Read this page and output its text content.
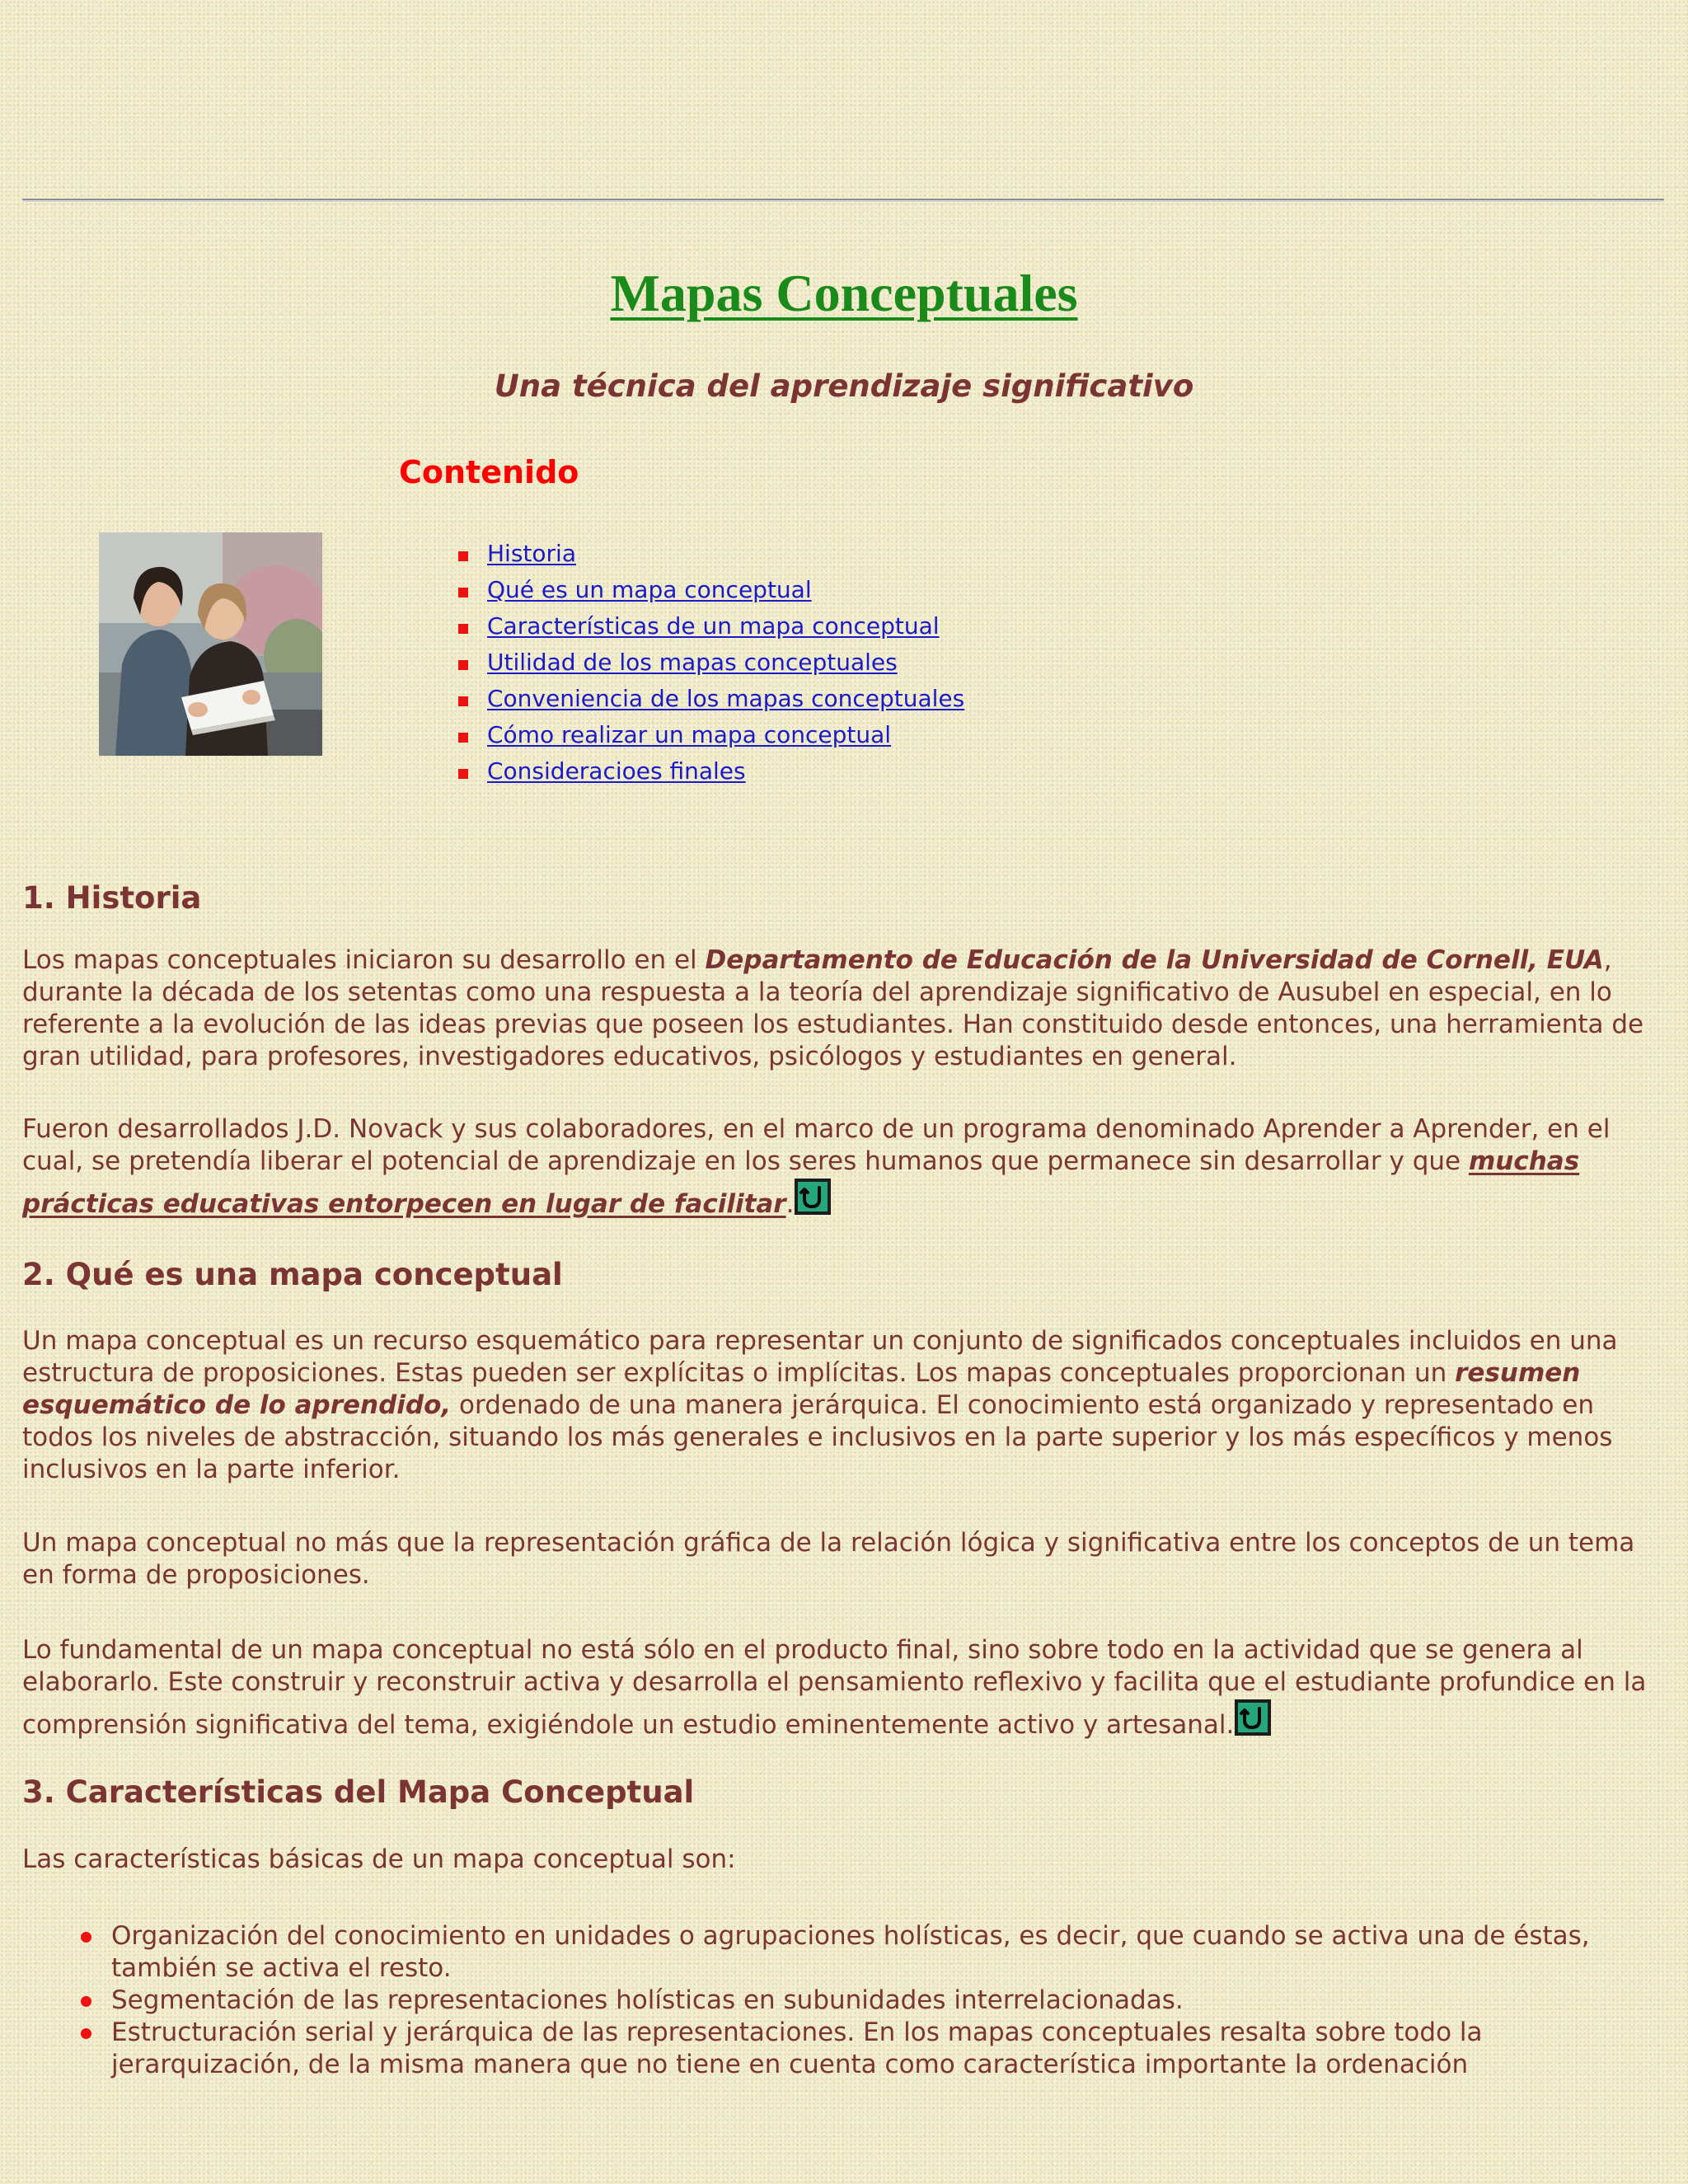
Mapas Conceptuales
Una técnica del aprendizaje significativo
Contenido
Historia
Qué es un mapa conceptual
Características de un mapa conceptual
Utilidad de los mapas conceptuales
Conveniencia de los mapas conceptuales
Cómo realizar un mapa conceptual
Consideracioes finales
1. Historia
Los mapas conceptuales iniciaron su desarrollo en el Departamento de Educación de la Universidad de Cornell, EUA, durante la década de los setentas como una respuesta a la teoría del aprendizaje significativo de Ausubel en especial, en lo referente a la evolución de las ideas previas que poseen los estudiantes. Han constituido desde entonces, una herramienta de gran utilidad, para profesores, investigadores educativos, psicólogos y estudiantes en general.
Fueron desarrollados J.D. Novack y sus colaboradores, en el marco de un programa denominado Aprender a Aprender, en el cual, se pretendía liberar el potencial de aprendizaje en los seres humanos que permanece sin desarrollar y que muchas prácticas educativas entorpecen en lugar de facilitar.
2. Qué es una mapa conceptual
Un mapa conceptual es un recurso esquemático para representar un conjunto de significados conceptuales incluidos en una estructura de proposiciones. Estas pueden ser explícitas o implícitas. Los mapas conceptuales proporcionan un resumen esquemático de lo aprendido, ordenado de una manera jerárquica. El conocimiento está organizado y representado en todos los niveles de abstracción, situando los más generales e inclusivos en la parte superior y los más específicos y menos inclusivos en la parte inferior.
Un mapa conceptual no más que la representación gráfica de la relación lógica y significativa entre los conceptos de un tema en forma de proposiciones.
Lo fundamental de un mapa conceptual no está sólo en el producto final, sino sobre todo en la actividad que se genera al elaborarlo. Este construir y reconstruir activa y desarrolla el pensamiento reflexivo y facilita que el estudiante profundice en la comprensión significativa del tema, exigiéndole un estudio eminentemente activo y artesanal.
3. Características del Mapa Conceptual
Las características básicas de un mapa conceptual son:
Organización del conocimiento en unidades o agrupaciones holísticas, es decir, que cuando se activa una de éstas, también se activa el resto.
Segmentación de las representaciones holísticas en subunidades interrelacionadas.
Estructuración serial y jerárquica de las representaciones. En los mapas conceptuales resalta sobre todo la jerarquización, de la misma manera que no tiene en cuenta como característica importante la ordenación
